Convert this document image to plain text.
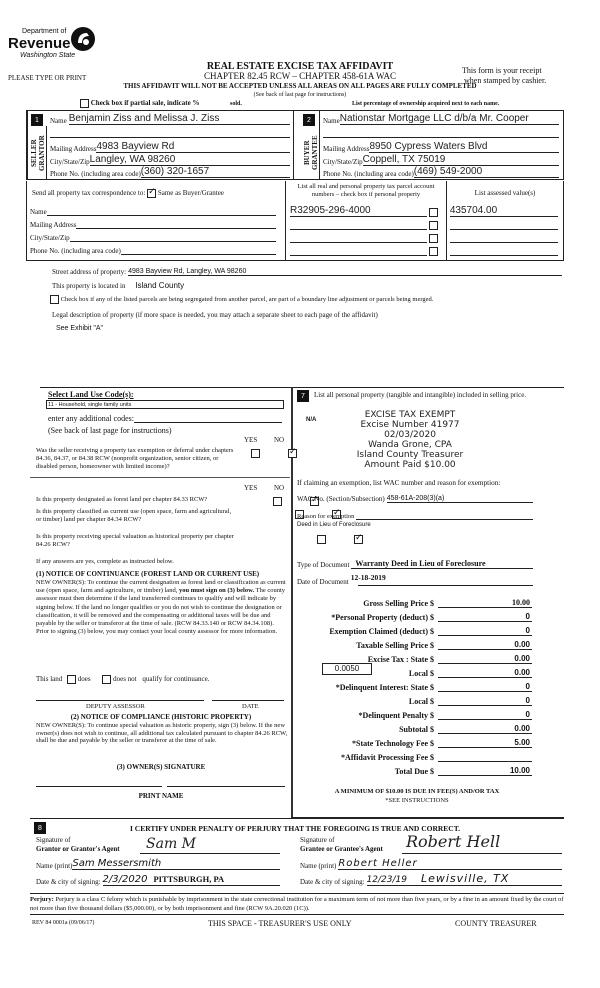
Department of
Revenue
Washington State
REAL ESTATE EXCISE TAX AFFIDAVIT
PLEASE TYPE OR PRINT	CHAPTER 82.45 RCW – CHAPTER 458-61A WAC
This form is your receipt
when stamped by cashier.
THIS AFFIDAVIT WILL NOT BE ACCEPTED UNLESS ALL AREAS ON ALL PAGES ARE FULLY COMPLETED
(See back of last page for instructions)
Check box if partial sale, indicate %	sold.	List percentage of ownership acquired next to each name.
1
SELLER GRANTOR
Name Benjamin Ziss and Melissa J. Ziss
Mailing Address 4983 Bayview Rd
City/State/Zip Langley, WA 98260
Phone No. (including area code) (360) 320-1657
2
BUYER GRANTEE
Name Nationstar Mortgage LLC d/b/a Mr. Cooper
Mailing Address 8950 Cypress Waters Blvd
City/State/Zip Coppell, TX 75019
Phone No. (including area code) (469) 549-2000
Send all property tax correspondence to: ✓ Same as Buyer/Grantee
Name
Mailing Address
City/State/Zip
Phone No. (including area code)
List all real and personal property tax parcel account numbers – check box if personal property	List assessed value(s)
R32905-296-4000	435704.00
Street address of property: 4983 Bayview Rd, Langley, WA 98260
This property is located in Island County
Check box if any of the listed parcels are being segregated from another parcel, are part of a boundary line adjustment or parcels being merged.
Legal description of property (if more space is needed, you may attach a separate sheet to each page of the affidavit)
See Exhibit "A"
Select Land Use Code(s):
11 - Household, single family units
enter any additional codes:
(See back of last page for instructions)
YES NO
Was the seller receiving a property tax exemption or deferral under chapters 84.36, 84.37, or 84.38 RCW (nonprofit organization, senior citizen, or disabled person, homeowner with limited income)?
✓
YES NO
Is this property designated as forest land per chapter 84.33 RCW?
✓
Is this property classified as current use (open space, farm and agricultural, or timber) land per chapter 84.34 RCW?
✓
Is this property receiving special valuation as historical property per chapter 84.26 RCW?
✓
If any answers are yes, complete as instructed below.
(1) NOTICE OF CONTINUANCE (FOREST LAND OR CURRENT USE)
NEW OWNER(S): To continue the current designation as forest land or classification as current use (open space, farm and agriculture, or timber) land, you must sign on (3) below. The county assessor must then determine if the land transferred continues to qualify and will indicate by signing below. If the land no longer qualifies or you do not wish to continue the designation or classification, it will be removed and the compensating or additional taxes will be due and payable by the seller or transferor at the time of sale. (RCW 84.33.140 or RCW 84.34.108). Prior to signing (3) below, you may contact your local county assessor for more information.
This land does	does not qualify for continuance.
DEPUTY ASSESSOR	DATE
(2) NOTICE OF COMPLIANCE (HISTORIC PROPERTY)
NEW OWNER(S): To continue special valuation as historic property, sign (3) below. If the new owner(s) does not wish to continue, all additional tax calculated pursuant to chapter 84.26 RCW, shall be due and payable by the seller or transferor at the time of sale.
(3) OWNER(S) SIGNATURE
PRINT NAME
7	List all personal property (tangible and intangible) included in selling price.
N/A	EXCISE TAX EXEMPT
Excise Number 41977
02/03/2020
Wanda Grone, CPA
Island County Treasurer
Amount Paid $10.00
If claiming an exemption, list WAC number and reason for exemption:
WAC No. (Section/Subsection) 458-61A-208(3)(a)
Reason for exemption
Deed in Lieu of Foreclosure
Type of Document Warranty Deed in Lieu of Foreclosure
Date of Document 12-18-2019
Gross Selling Price $	10.00
*Personal Property (deduct) $	0
Exemption Claimed (deduct) $	0
Taxable Selling Price $	0.00
Excise Tax : State $	0.00
0.0050
Local $	0.00
*Delinquent Interest: State $	0
Local $	0
*Delinquent Penalty $	0
Subtotal $	0.00
*State Technology Fee $	5.00
*Affidavit Processing Fee $
Total Due $	10.00
A MINIMUM OF $10.00 IS DUE IN FEE(S) AND/OR TAX
*SEE INSTRUCTIONS
8	I CERTIFY UNDER PENALTY OF PERJURY THAT THE FOREGOING IS TRUE AND CORRECT.
Signature of
Grantor or Grantor's Agent	Sam M
Name (print) Sam Messersmith
Date & city of signing: 2/3/2020 PITTSBURGH, PA
Signature of
Grantee or Grantee's Agent Robert Hell
Name (print) Robert Heller
Date & city of signing: 12/23/19 Lewisville, TX
Perjury: Perjury is a class C felony which is punishable by imprisonment in the state correctional institution for a maximum term of not more than five years, or by a fine in an amount fixed by the court of not more than five thousand dollars ($5,000.00), or by both imprisonment and fine (RCW 9A.20.020 (1C)).
REV 84 0001a (09/06/17)	THIS SPACE - TREASURER'S USE ONLY	COUNTY TREASURER
